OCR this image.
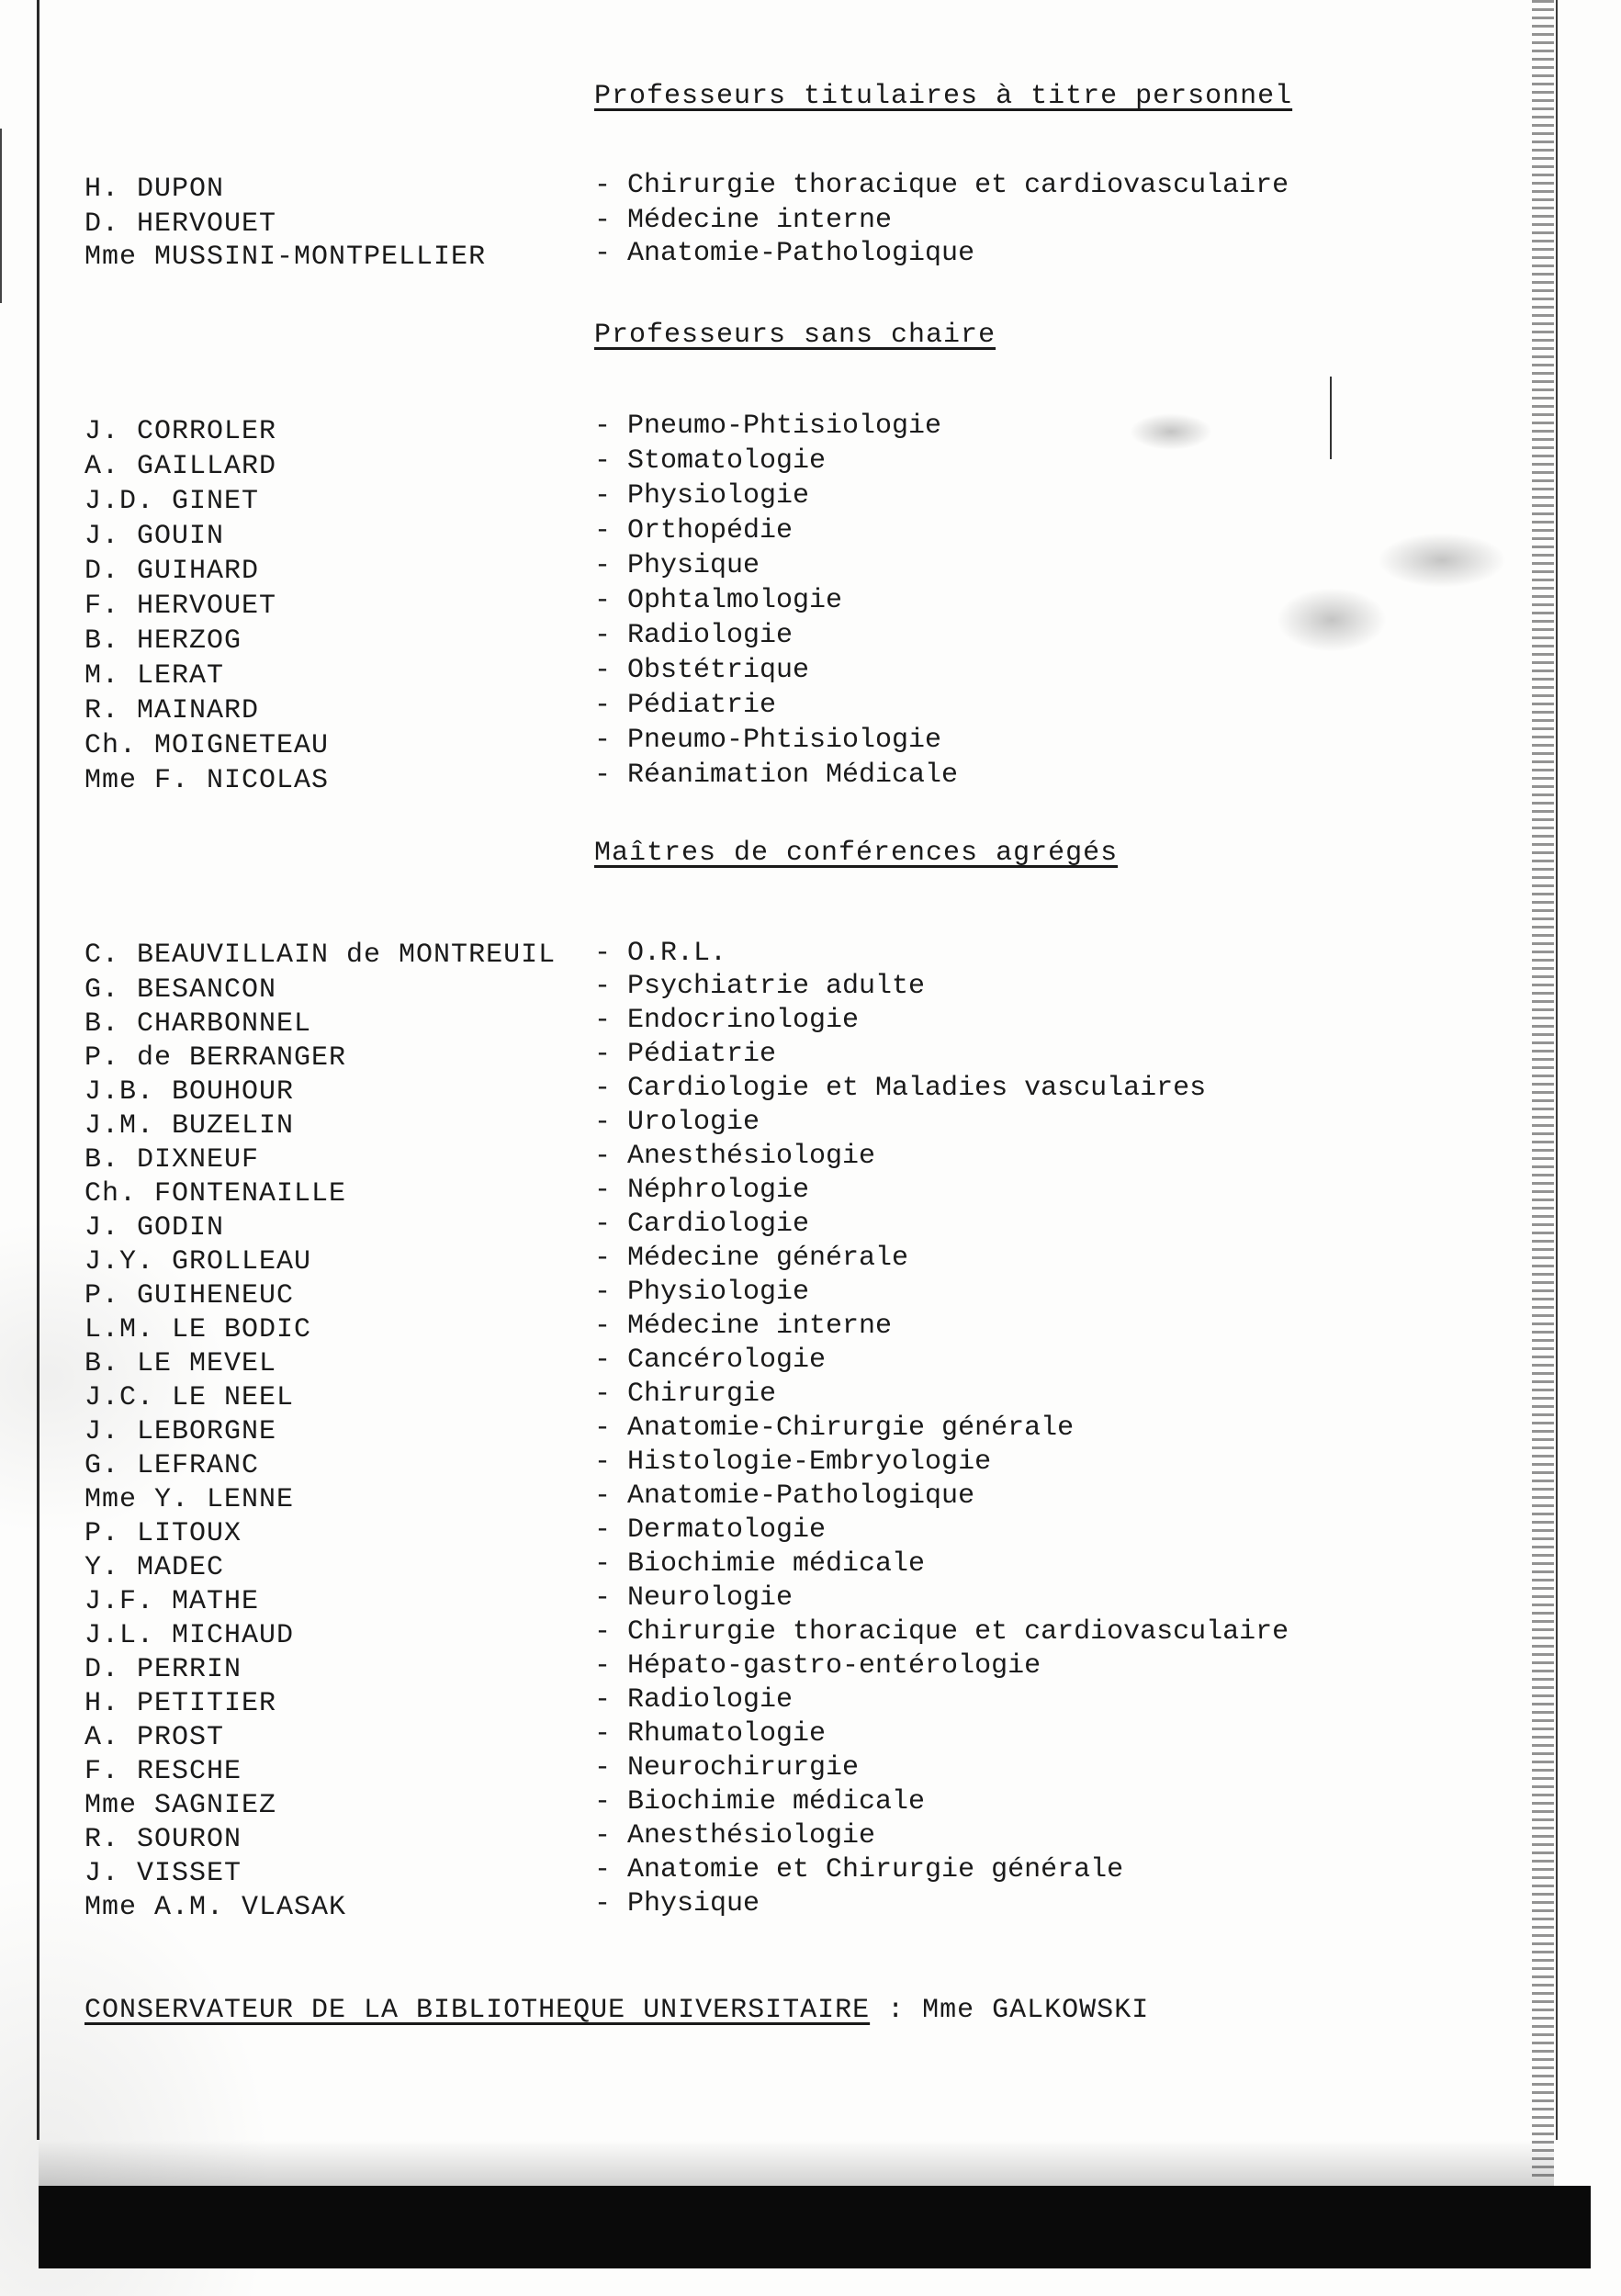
Professeurs titulaires à titre personnel
H. DUPON	- Chirurgie thoracique et cardiovasculaire
D. HERVOUET	- Médecine interne
Mme MUSSINI-MONTPELLIER	- Anatomie-Pathologique
Professeurs sans chaire
J. CORROLER	- Pneumo-Phtisiologie
A. GAILLARD	- Stomatologie
J.D. GINET	- Physiologie
J. GOUIN	- Orthopédie
D. GUIHARD	- Physique
F. HERVOUET	- Ophtalmologie
B. HERZOG	- Radiologie
M. LERAT	- Obstétrique
R. MAINARD	- Pédiatrie
Ch. MOIGNETEAU	- Pneumo-Phtisiologie
Mme F. NICOLAS	- Réanimation Médicale
Maîtres de conférences agrégés
C. BEAUVILLAIN de MONTREUIL - O.R.L.
G. BESANCON	- Psychiatrie adulte
B. CHARBONNEL	- Endocrinologie
P. de BERRANGER	- Pédiatrie
J.B. BOUHOUR	- Cardiologie et Maladies vasculaires
J.M. BUZELIN	- Urologie
B. DIXNEUF	- Anesthésiologie
Ch. FONTENAILLE	- Néphrologie
J. GODIN	- Cardiologie
J.Y. GROLLEAU	- Médecine générale
P. GUIHENEUC	- Physiologie
L.M. LE BODIC	- Médecine interne
B. LE MEVEL	- Cancérologie
J.C. LE NEEL	- Chirurgie
J. LEBORGNE	- Anatomie-Chirurgie générale
G. LEFRANC	- Histologie-Embryologie
Mme Y. LENNE	- Anatomie-Pathologique
P. LITOUX	- Dermatologie
Y. MADEC	- Biochimie médicale
J.F. MATHE	- Neurologie
J.L. MICHAUD	- Chirurgie thoracique et cardiovasculaire
D. PERRIN	- Hépato-gastro-entérologie
H. PETITIER	- Radiologie
A. PROST	- Rhumatologie
F. RESCHE	- Neurochirurgie
Mme SAGNIEZ	- Biochimie médicale
R. SOURON	- Anesthésiologie
J. VISSET	- Anatomie et Chirurgie générale
Mme A.M. VLASAK	- Physique
CONSERVATEUR DE LA BIBLIOTHEQUE UNIVERSITAIRE : Mme GALKOWSKI
